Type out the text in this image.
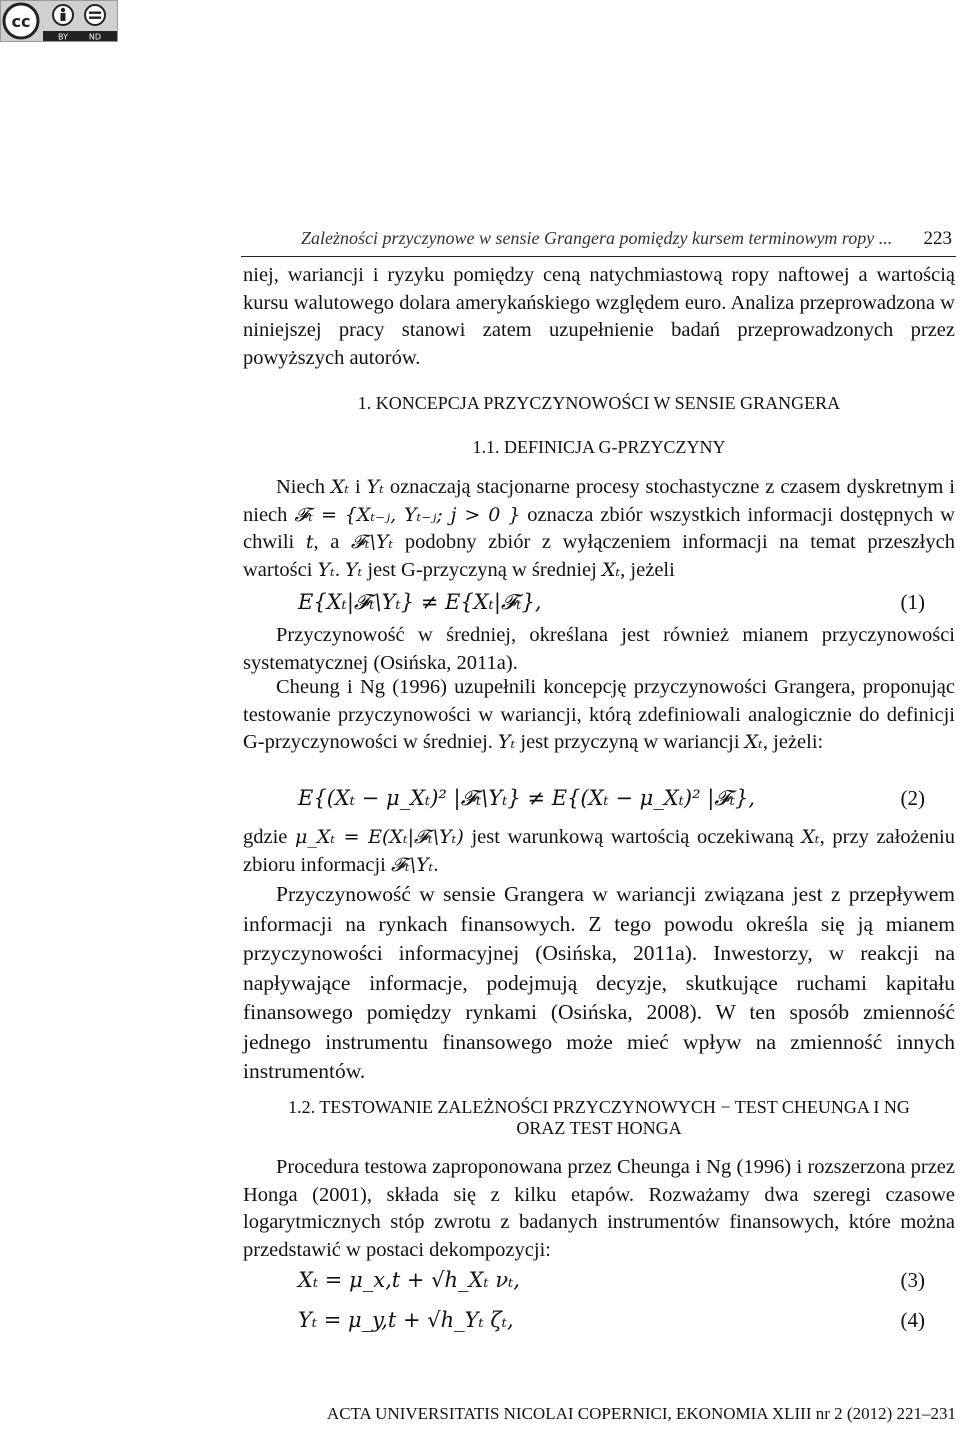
cc
BY	ND
Zależności przyczynowe w sensie Grangera pomiędzy kursem terminowym ropy ... 223

niej, wariancji i ryzyku pomiędzy ceną natychmiastową ropy naftowej a wartością kursu walutowego dolara amerykańskiego względem euro. Analiza przeprowadzona w niniejszej pracy stanowi zatem uzupełnienie badań przeprowadzonych przez powyższych autorów.

1. KONCEPCJA PRZYCZYNOWOŚCI W SENSIE GRANGERA

1.1. DEFINICJA G-PRZYCZYNY

Niech Xₜ i Yₜ oznaczają stacjonarne procesy stochastyczne z czasem dyskretnym i niech 𝓕ₜ = {Xₜ₋ⱼ, Yₜ₋ⱼ; j > 0 } oznacza zbiór wszystkich informacji dostępnych w chwili t, a 𝓕ₜ\Yₜ podobny zbiór z wyłączeniem informacji na temat przeszłych wartości Yₜ. Yₜ jest G-przyczyną w średniej Xₜ, jeżeli

E{Xₜ|𝓕ₜ\Yₜ} ≠ E{Xₜ|𝓕ₜ},	(1)

Przyczynowość w średniej, określana jest również mianem przyczynowości systematycznej (Osińska, 2011a).

Cheung i Ng (1996) uzupełnili koncepcję przyczynowości Grangera, proponując testowanie przyczynowości w wariancji, którą zdefiniowali analogicznie do definicji G-przyczynowości w średniej. Yₜ jest przyczyną w wariancji Xₜ, jeżeli:

E{(Xₜ − μ_Xₜ)² |𝓕ₜ\Yₜ} ≠ E{(Xₜ − μ_Xₜ)² |𝓕ₜ},	(2)

gdzie μ_Xₜ = E(Xₜ|𝓕ₜ\Yₜ) jest warunkową wartością oczekiwaną Xₜ, przy założeniu zbioru informacji 𝓕ₜ\Yₜ.

Przyczynowość w sensie Grangera w wariancji związana jest z przepływem informacji na rynkach finansowych. Z tego powodu określa się ją mianem przyczynowości informacyjnej (Osińska, 2011a). Inwestorzy, w reakcji na napływające informacje, podejmują decyzje, skutkujące ruchami kapitału finansowego pomiędzy rynkami (Osińska, 2008). W ten sposób zmienność jednego instrumentu finansowego może mieć wpływ na zmienność innych instrumentów.

1.2. TESTOWANIE ZALEŻNOŚCI PRZYCZYNOWYCH − TEST CHEUNGA I NG
ORAZ TEST HONGA

Procedura testowa zaproponowana przez Cheunga i Ng (1996) i rozszerzona przez Honga (2001), składa się z kilku etapów. Rozważamy dwa szeregi czasowe logarytmicznych stóp zwrotu z badanych instrumentów finansowych, które można przedstawić w postaci dekompozycji:

Xₜ = μ_x,t + √h_Xₜ νₜ,	(3)
Yₜ = μ_y,t + √h_Yₜ ζₜ,	(4)
ACTA UNIVERSITATIS NICOLAI COPERNICI, EKONOMIA XLIII nr 2 (2012) 221–231
